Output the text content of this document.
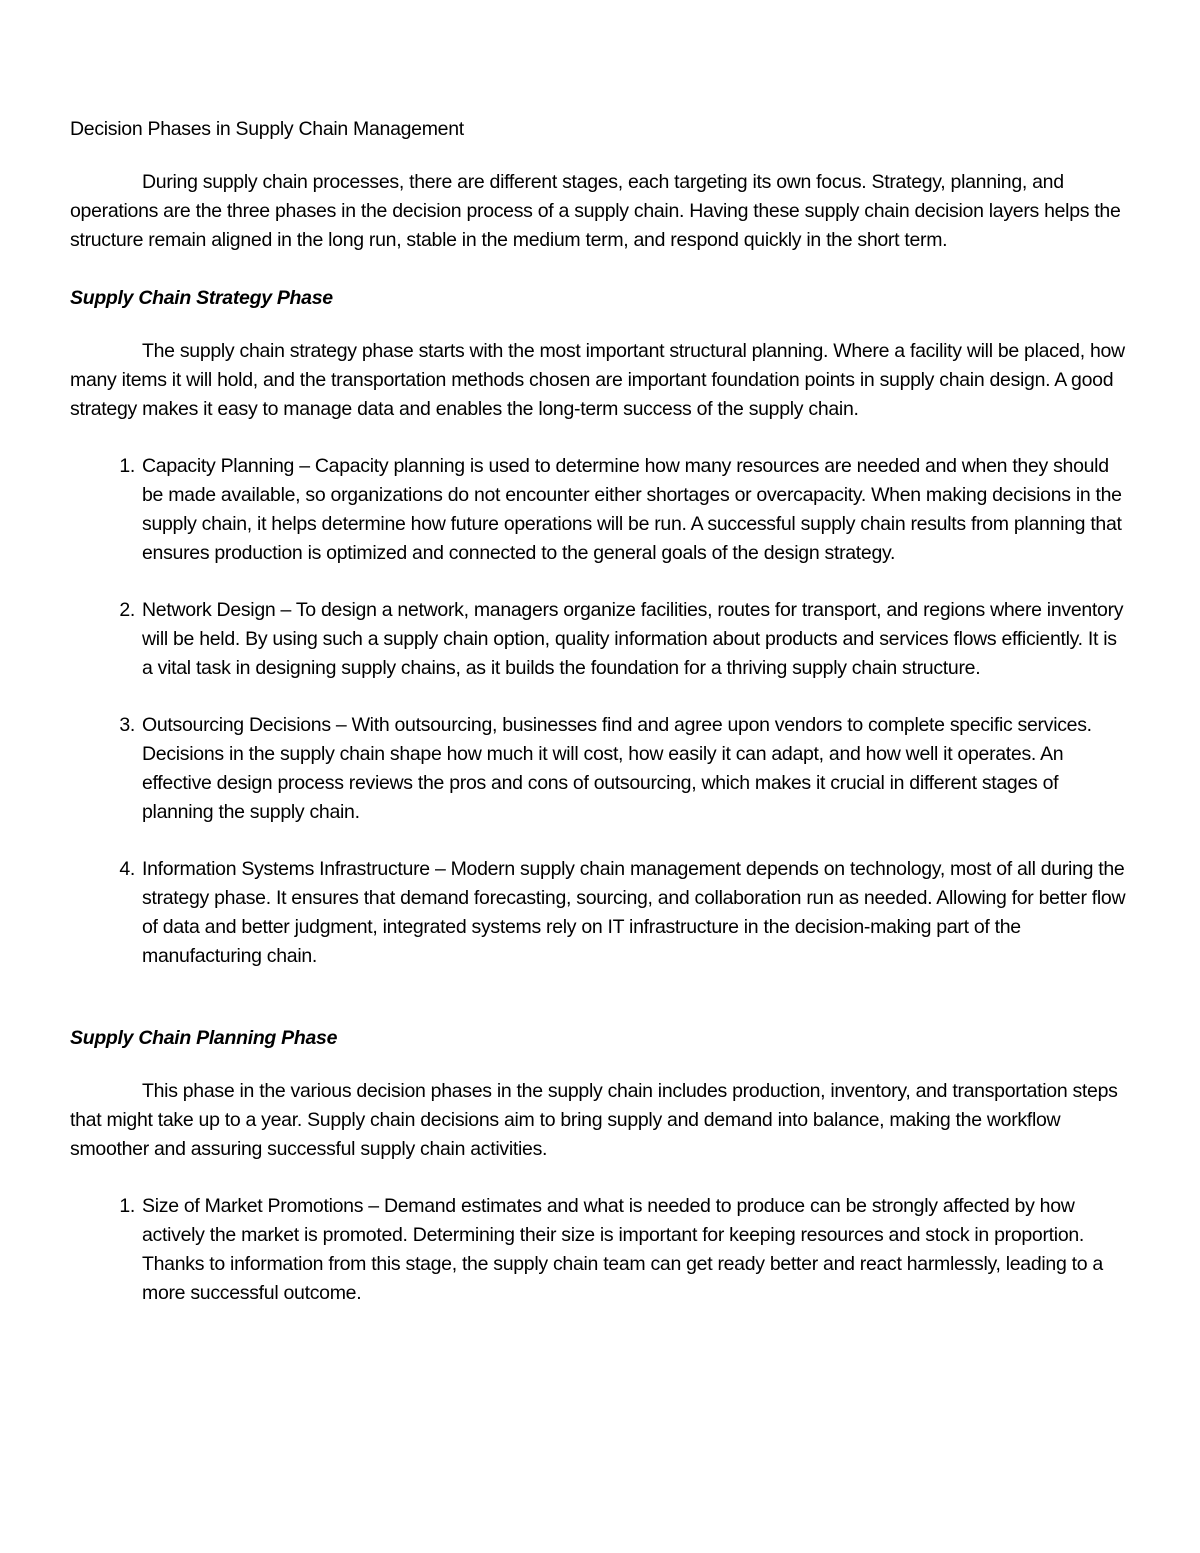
Decision Phases in Supply Chain Management

During supply chain processes, there are different stages, each targeting its own focus. Strategy, planning, and operations are the three phases in the decision process of a supply chain. Having these supply chain decision layers helps the structure remain aligned in the long run, stable in the medium term, and respond quickly in the short term.

Supply Chain Strategy Phase

The supply chain strategy phase starts with the most important structural planning. Where a facility will be placed, how many items it will hold, and the transportation methods chosen are important foundation points in supply chain design. A good strategy makes it easy to manage data and enables the long-term success of the supply chain.

1. Capacity Planning – Capacity planning is used to determine how many resources are needed and when they should be made available, so organizations do not encounter either shortages or overcapacity. When making decisions in the supply chain, it helps determine how future operations will be run. A successful supply chain results from planning that ensures production is optimized and connected to the general goals of the design strategy.
2. Network Design – To design a network, managers organize facilities, routes for transport, and regions where inventory will be held. By using such a supply chain option, quality information about products and services flows efficiently. It is a vital task in designing supply chains, as it builds the foundation for a thriving supply chain structure.
3. Outsourcing Decisions – With outsourcing, businesses find and agree upon vendors to complete specific services. Decisions in the supply chain shape how much it will cost, how easily it can adapt, and how well it operates. An effective design process reviews the pros and cons of outsourcing, which makes it crucial in different stages of planning the supply chain.
4. Information Systems Infrastructure – Modern supply chain management depends on technology, most of all during the strategy phase. It ensures that demand forecasting, sourcing, and collaboration run as needed. Allowing for better flow of data and better judgment, integrated systems rely on IT infrastructure in the decision-making part of the manufacturing chain.
Supply Chain Planning Phase

This phase in the various decision phases in the supply chain includes production, inventory, and transportation steps that might take up to a year. Supply chain decisions aim to bring supply and demand into balance, making the workflow smoother and assuring successful supply chain activities.

1. Size of Market Promotions – Demand estimates and what is needed to produce can be strongly affected by how actively the market is promoted. Determining their size is important for keeping resources and stock in proportion. Thanks to information from this stage, the supply chain team can get ready better and react harmlessly, leading to a more successful outcome.
